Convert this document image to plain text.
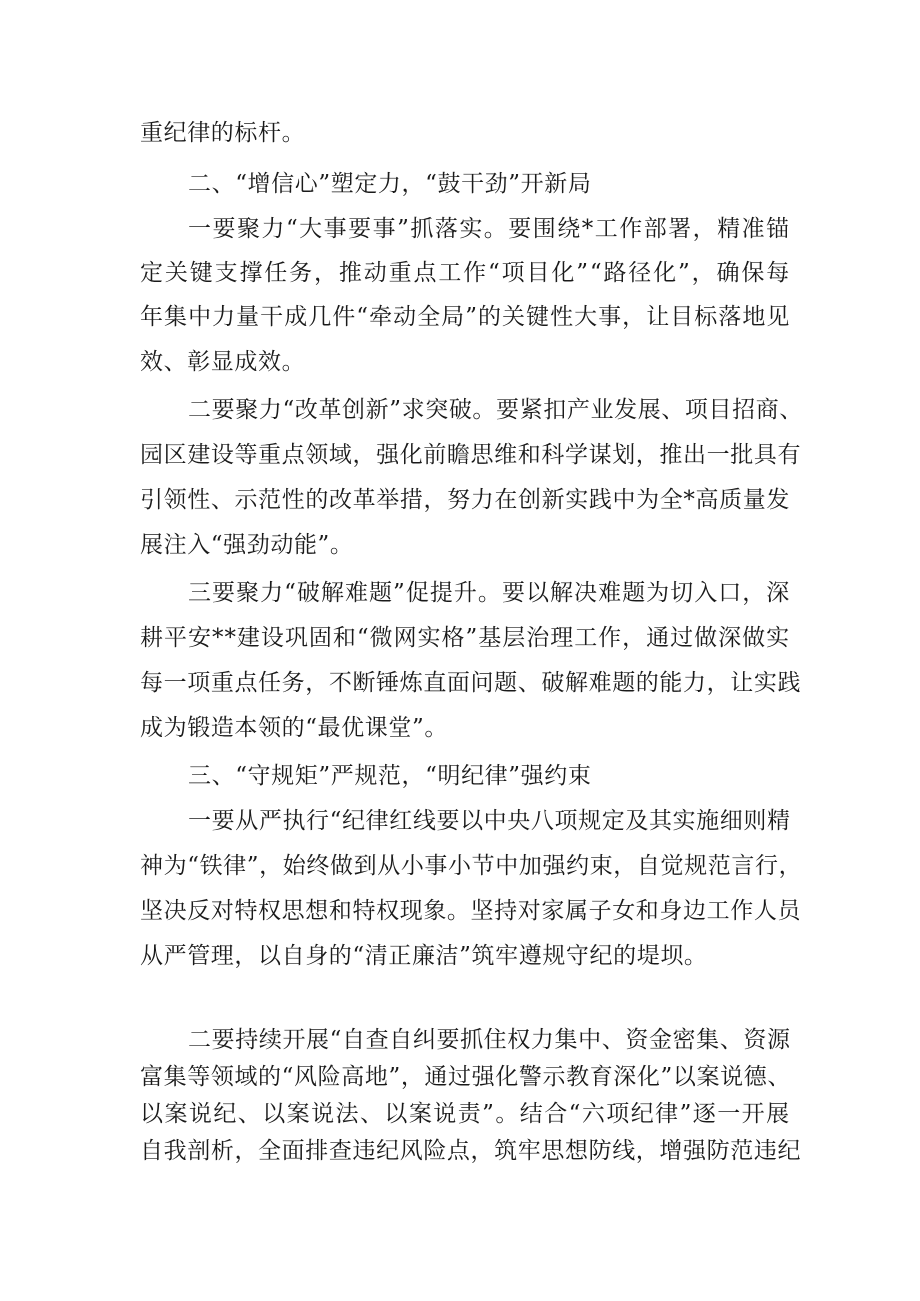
重纪律的标杆。
二、“增信心”塑定力，“鼓干劲”开新局
一 要 聚 力 “ 大 事 要 事 ” 抓 落 实 。 要 围 绕 * 工 作 部 署 ， 精 准 锚
定 关 键 支 撑 任 务 ， 推 动 重 点 工 作 “ 项 目 化 ” “ 路 径 化 ” ， 确 保 每
年 集 中 力 量 干 成 几 件 “ 牵 动 全 局 ” 的 关 键 性 大 事 ， 让 目 标 落 地 见
效、彰显成效。
二 要 聚 力 “ 改 革 创 新 ” 求 突 破 。 要 紧 扣 产 业 发 展 、 项 目 招 商 、
园 区 建 设 等 重 点 领 域 ， 强 化 前 瞻 思 维 和 科 学 谋 划 ， 推 出 一 批 具 有
引 领 性 、 示 范 性 的 改 革 举 措 ， 努 力 在 创 新 实 践 中 为 全 * 高 质 量 发
展注入“强劲动能”。
三 要 聚 力 “ 破 解 难 题 ” 促 提 升 。 要 以 解 决 难 题 为 切 入 口 ， 深
耕 平 安 * * 建 设 巩 固 和 “ 微 网 实 格 ” 基 层 治 理 工 作 ， 通 过 做 深 做 实
每 一 项 重 点 任 务 ， 不 断 锤 炼 直 面 问 题 、 破 解 难 题 的 能 力 ， 让 实 践
成为锻造本领的“最优课堂”。
三、“守规矩”严规范，“明纪律”强约束
一 要 从 严 执 行 “ 纪 律 红 线 要 以 中 央 八 项 规 定 及 其 实 施 细 则 精
神 为 “ 铁 律 ” ， 始 终 做 到 从 小 事 小 节 中 加 强 约 束 ， 自 觉 规 范 言 行 ，
坚 决 反 对 特 权 思 想 和 特 权 现 象 。 坚 持 对 家 属 子 女 和 身 边 工 作 人 员
从严管理，以自身的“清正廉洁”筑牢遵规守纪的堤坝。
二 要 持 续 开 展 “ 自 查 自 纠 要 抓 住 权 力 集 中 、 资 金 密 集 、 资 源
富 集 等 领 域 的 “ 风 险 高 地 ” ， 通 过 强 化 警 示 教 育 深 化 ” 以 案 说 德 、
以 案 说 纪 、 以 案 说 法 、 以 案 说 责 ” 。 结 合 “ 六 项 纪 律 ” 逐 一 开 展
自 我 剖 析 ， 全 面 排 查 违 纪 风 险 点 ， 筑 牢 思 想 防 线 ， 增 强 防 范 违 纪
